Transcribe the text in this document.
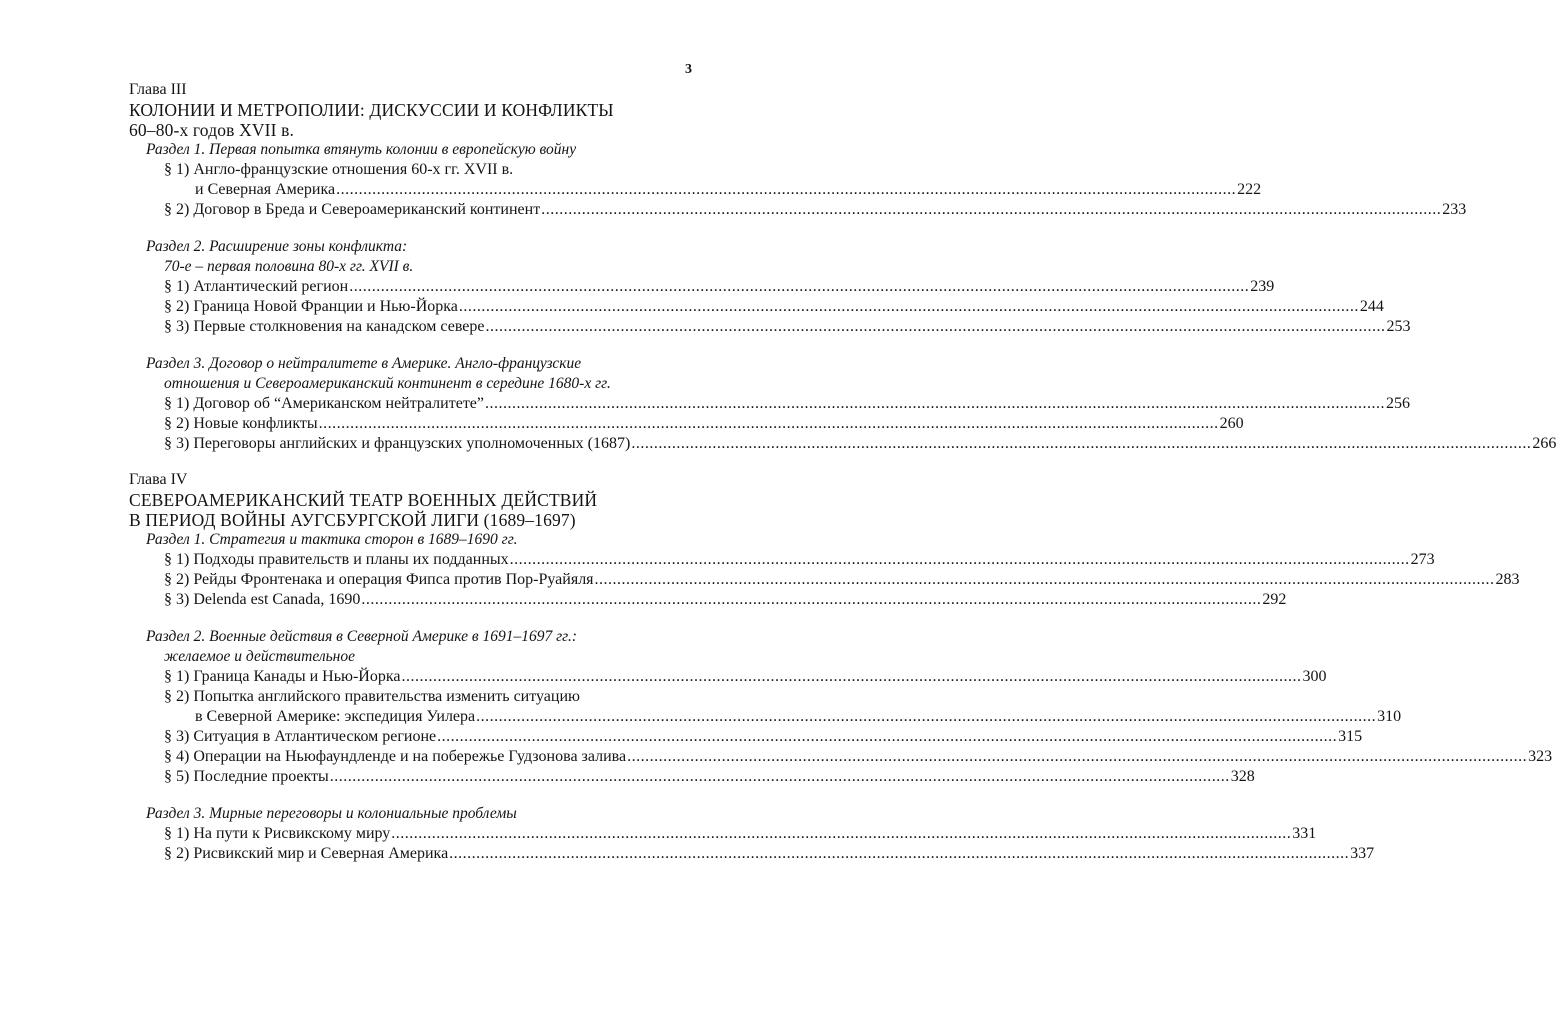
3
Глава III
КОЛОНИИ И МЕТРОПОЛИИ: ДИСКУССИИ И КОНФЛИКТЫ
60–80-х годов XVII в.
Раздел 1. Первая попытка втянуть колонии в европейскую войну
§ 1) Англо-французские отношения 60-х гг. XVII в.
и Северная Америка ........................................................................................................................................................................................................ 222
§ 2) Договор в Бреда и Североамериканский континент ........................................................................................................................................................................................................ 233
Раздел 2. Расширение зоны конфликта:
70-е – первая половина 80-х гг. XVII в.
§ 1) Атлантический регион ........................................................................................................................................................................................................ 239
§ 2) Граница Новой Франции и Нью-Йорка ........................................................................................................................................................................................................ 244
§ 3) Первые столкновения на канадском севере ........................................................................................................................................................................................................ 253
Раздел 3. Договор о нейтралитете в Америке. Англо-французские
отношения и Североамериканский континент в середине 1680-х гг.
§ 1) Договор об “Американском нейтралитете” ........................................................................................................................................................................................................ 256
§ 2) Новые конфликты ........................................................................................................................................................................................................ 260
§ 3) Переговоры английских и французских уполномоченных (1687) ........................................................................................................................................................................................................ 266
Глава IV
СЕВЕРОАМЕРИКАНСКИЙ ТЕАТР ВОЕННЫХ ДЕЙСТВИЙ
В ПЕРИОД ВОЙНЫ АУГСБУРГСКОЙ ЛИГИ (1689–1697)
Раздел 1. Стратегия и тактика сторон в 1689–1690 гг.
§ 1) Подходы правительств и планы их подданных ........................................................................................................................................................................................................ 273
§ 2) Рейды Фронтенака и операция Фипса против Пор-Руайяля ........................................................................................................................................................................................................ 283
§ 3) Delenda est Canada, 1690 ........................................................................................................................................................................................................ 292
Раздел 2. Военные действия в Северной Америке в 1691–1697 гг.:
желаемое и действительное
§ 1) Граница Канады и Нью-Йорка ........................................................................................................................................................................................................ 300
§ 2) Попытка английского правительства изменить ситуацию
в Северной Америке: экспедиция Уилера ........................................................................................................................................................................................................ 310
§ 3) Ситуация в Атлантическом регионе ........................................................................................................................................................................................................ 315
§ 4) Операции на Ньюфаундленде и на побережье Гудзонова залива ........................................................................................................................................................................................................ 323
§ 5) Последние проекты ........................................................................................................................................................................................................ 328
Раздел 3. Мирные переговоры и колониальные проблемы
§ 1) На пути к Рисвикскому миру ........................................................................................................................................................................................................ 331
§ 2) Рисвикский мир и Северная Америка ........................................................................................................................................................................................................ 337
